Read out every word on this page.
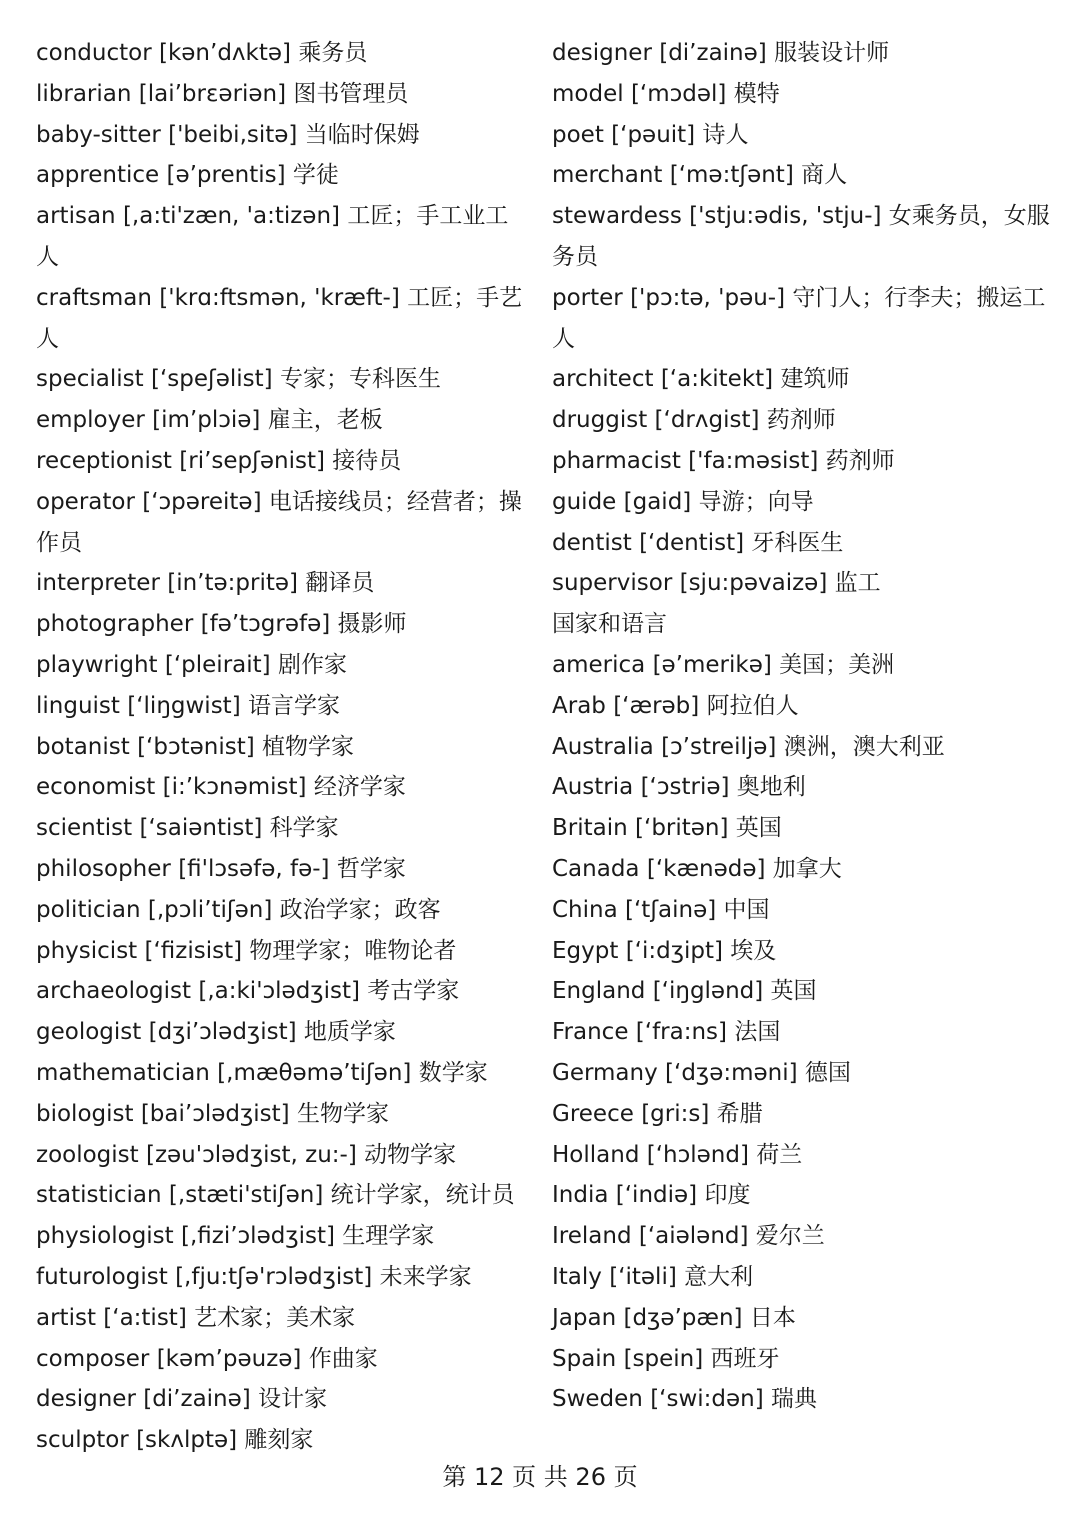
conductor [kən’dʌktə] 乘务员
librarian [lai’brεəriən] 图书管理员
baby-sitter ['beibi,sitə] 当临时保姆
apprentice [ə’prentis] 学徒
artisan [,a:ti'zæn, 'a:tizən] 工匠；手工业工人
craftsman ['krɑ:ftsmən, 'kræft-] 工匠；手艺人
specialist [‘speʃəlist] 专家；专科医生
employer [im’plɔiə] 雇主，老板
receptionist [ri’sepʃənist] 接待员
operator [‘ɔpəreitə] 电话接线员；经营者；操作员
interpreter [in’tə:pritə] 翻译员
photographer [fə’tɔgrəfə] 摄影师
playwright [‘pleirait] 剧作家
linguist [‘liŋgwist] 语言学家
botanist [‘bɔtənist] 植物学家
economist [i:’kɔnəmist] 经济学家
scientist [‘saiəntist] 科学家
philosopher [fi'lɔsəfə, fə-] 哲学家
politician [,pɔli’tiʃən] 政治学家；政客
physicist [‘fizisist] 物理学家；唯物论者
archaeologist [,a:ki'ɔlədʒist] 考古学家
geologist [dʒi’ɔlədʒist] 地质学家
mathematician [,mæθəmə’tiʃən] 数学家
biologist [bai’ɔlədʒist] 生物学家
zoologist [zəu'ɔlədʒist, zu:-] 动物学家
statistician [,stæti'stiʃən] 统计学家，统计员
physiologist [,fizi’ɔlədʒist] 生理学家
futurologist [,fju:tʃə'rɔlədʒist] 未来学家
artist [‘a:tist] 艺术家；美术家
composer [kəm’pəuzə] 作曲家
designer [di’zainə] 设计家
sculptor [skʌlptə] 雕刻家
designer [di’zainə] 服装设计师
model [‘mɔdəl] 模特
poet [‘pəuit] 诗人
merchant [‘mə:tʃənt] 商人
stewardess ['stju:ədis, 'stju-] 女乘务员，女服务员
porter ['pɔ:tə, 'pəu-] 守门人；行李夫；搬运工人
architect [‘a:kitekt] 建筑师
druggist [‘drʌgist] 药剂师
pharmacist ['fa:məsist] 药剂师
guide [gaid] 导游；向导
dentist [‘dentist] 牙科医生
supervisor [sju:pəvaizə] 监工
国家和语言
america [ə’merikə] 美国；美洲
Arab [‘ærəb] 阿拉伯人
Australia [ɔ’streiljə] 澳洲，澳大利亚
Austria [‘ɔstriə] 奥地利
Britain [‘britən] 英国
Canada [‘kænədə] 加拿大
China [‘tʃainə] 中国
Egypt [‘i:dʒipt] 埃及
England [‘iŋglənd] 英国
France [‘fra:ns] 法国
Germany [‘dʒə:məni] 德国
Greece [gri:s] 希腊
Holland [‘hɔlənd] 荷兰
India [‘indiə] 印度
Ireland [‘aiələnd] 爱尔兰
Italy [‘itəli] 意大利
Japan [dʒə’pæn] 日本
Spain [spein] 西班牙
Sweden [‘swi:dən] 瑞典
第 12 页 共 26 页
